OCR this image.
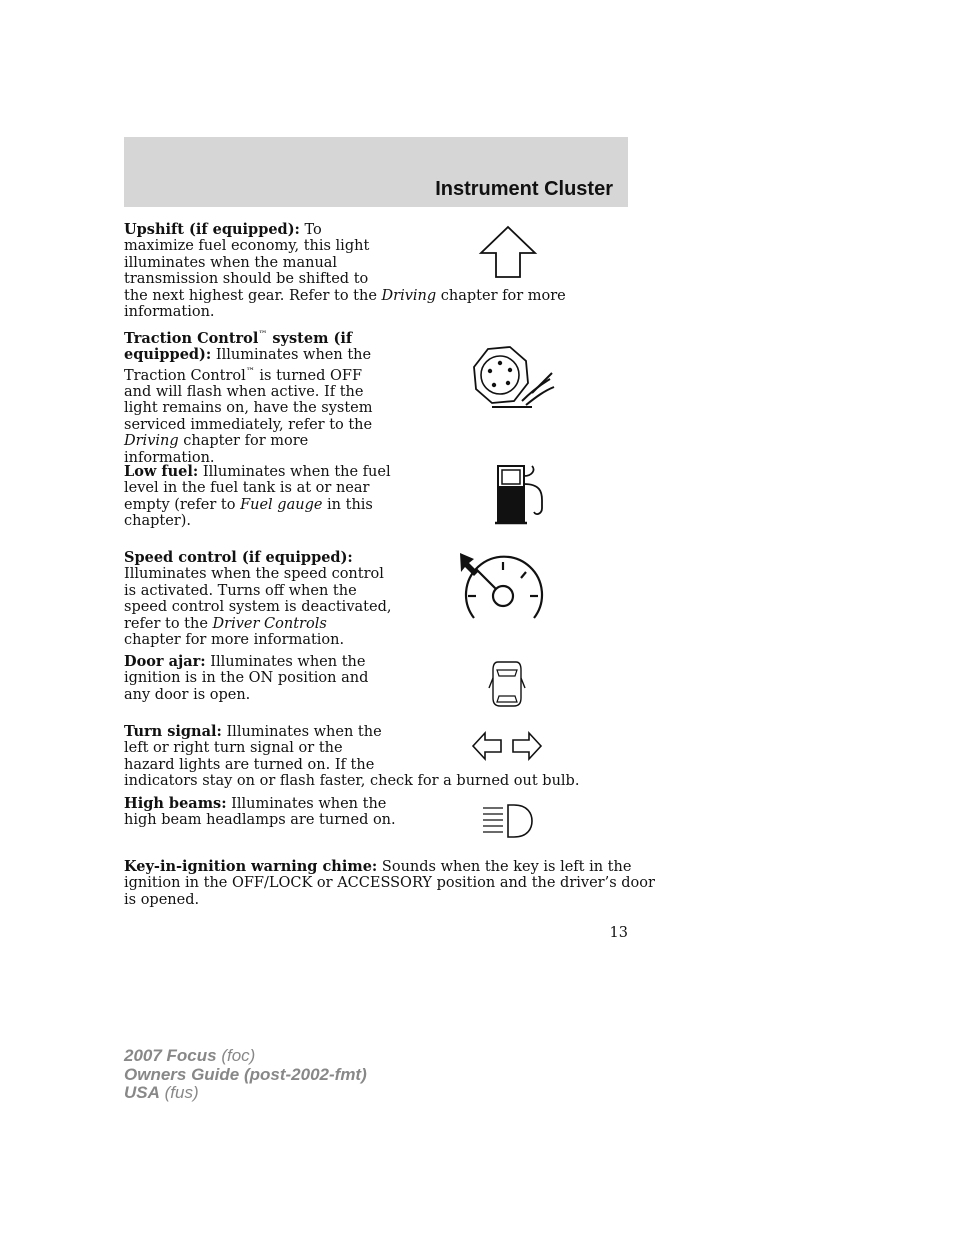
Instrument Cluster
Upshift (if equipped): To
maximize fuel economy, this light
illuminates when the manual
transmission should be shifted to
the next highest gear. Refer to the Driving chapter for more
information.
Traction Control™ system (if
equipped): Illuminates when the
Traction Control™ is turned OFF
and will flash when active. If the
light remains on, have the system
serviced immediately, refer to the
Driving chapter for more
information.
Low fuel: Illuminates when the fuel
level in the fuel tank is at or near
empty (refer to Fuel gauge in this
chapter).
Speed control (if equipped):
Illuminates when the speed control
is activated. Turns off when the
speed control system is deactivated,
refer to the Driver Controls
chapter for more information.
Door ajar: Illuminates when the
ignition is in the ON position and
any door is open.
Turn signal: Illuminates when the
left or right turn signal or the
hazard lights are turned on. If the
indicators stay on or flash faster, check for a burned out bulb.
High beams: Illuminates when the
high beam headlamps are turned on.
Key-in-ignition warning chime: Sounds when the key is left in the
ignition in the OFF/LOCK or ACCESSORY position and the driver’s door
is opened.
13
2007 Focus (foc)
Owners Guide (post-2002-fmt)
USA (fus)
